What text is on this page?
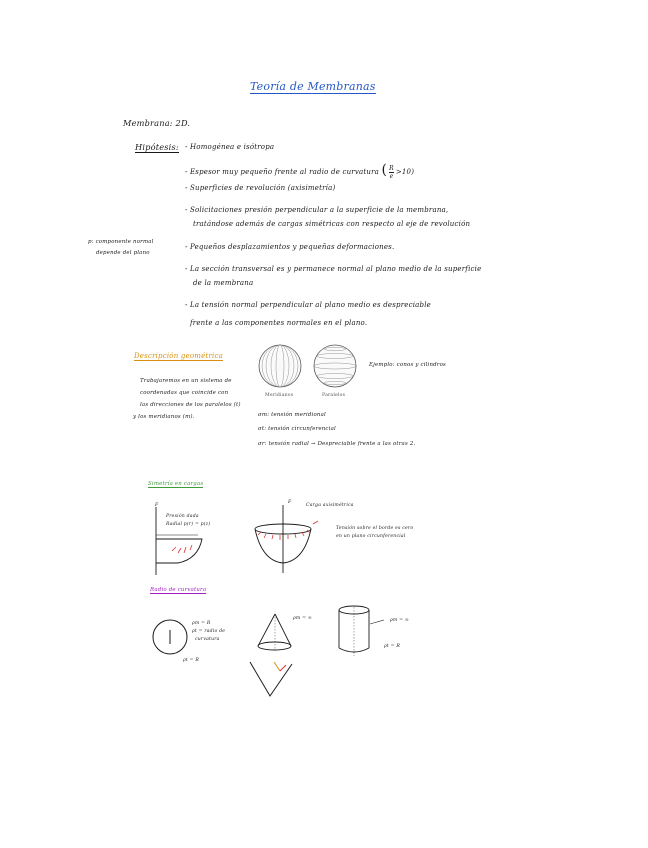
Teoría de Membranas
Membrana: 2D.
Hipótesis: - Homogénea e isótropa
- Espesor muy pequeño frente al radio de curvatura ( $\frac{R}{e} >10$)
- Superficies de revolución (axisimetría)
- Solicitaciones presión perpendicular a la superficie de la membrana,
tratándose además de cargas simétricas con respecto al eje de revolución
- Pequeños desplazamientos y pequeñas deformaciones.
- La sección transversal es y permanece normal al plano medio de la superficie
de la membrana
- La tensión normal perpendicular al plano medio es despreciable
frente a las componentes normales en el plano.
p: componente normal
depende del plano
Descripción geométrica
Trabajaremos en un sistema de
coordenadas que coincide con
las direcciones de los paralelos (t)
y los meridianos (m).
Meridianos	Paralelos
Ejemplo: conos y cilindros
σm: tensión meridional
σt: tensión circunferencial
σr: tensión radial → Despreciable frente a las otras 2.
Simetría en cargas
F
Presión dada
Radial p(r) = p(z)
F
Carga axisimétrica
Tensión sobre el borde es cero
en un plano circunferencial
Radio de curvatura
ρm = R
ρt = radio de
curvatura
ρt = R
ρm = ∞	ρm = ∞
ρt = R
